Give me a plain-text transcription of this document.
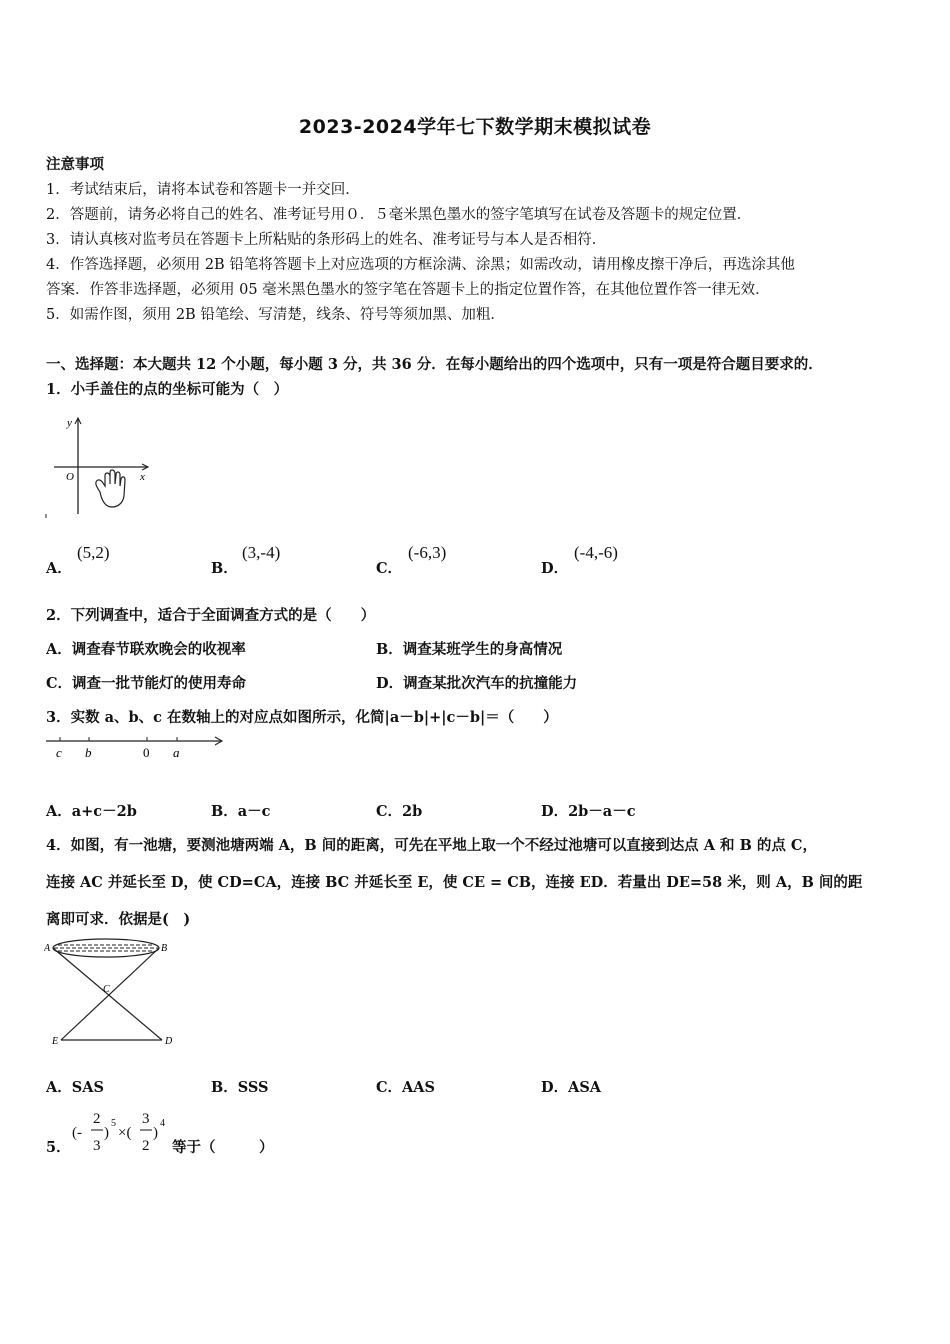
2023-2024学年七下数学期末模拟试卷
注意事项
1．考试结束后，请将本试卷和答题卡一并交回．
2．答题前，请务必将自己的姓名、准考证号用０．５毫米黑色墨水的签字笔填写在试卷及答题卡的规定位置．
3．请认真核对监考员在答题卡上所粘贴的条形码上的姓名、准考证号与本人是否相符．
4．作答选择题，必须用 2B 铅笔将答题卡上对应选项的方框涂满、涂黑；如需改动，请用橡皮擦干净后，再选涂其他
答案．作答非选择题，必须用 05 毫米黑色墨水的签字笔在答题卡上的指定位置作答，在其他位置作答一律无效．
5．如需作图，须用 2B 铅笔绘、写清楚，线条、符号等须加黑、加粗．
一、选择题：本大题共 12 个小题，每小题 3 分，共 36 分．在每小题给出的四个选项中，只有一项是符合题目要求的．
1．小手盖住的点的坐标可能为（　）
y
x
O
A．
(5,2)
B．
(3,-4)
C．
(-6,3)
D．
(-4,-6)
2．下列调查中，适合于全面调查方式的是（　　）
A．调查春节联欢晚会的收视率	B．调查某班学生的身高情况
C．调查一批节能灯的使用寿命	D．调查某批次汽车的抗撞能力
3．实数 a、b、c 在数轴上的对应点如图所示，化简|a－b|+|c－b|＝（　　）
c b	0 a
A．a+c－2b	B．a－c	C．2b	D．2b－a－c
4．如图，有一池塘，要测池塘两端 A，B 间的距离，可先在平地上取一个不经过池塘可以直接到达点 A 和 B 的点 C，
连接 AC 并延长至 D，使 CD=CA，连接 BC 并延长至 E，使 CE = CB，连接 ED．若量出 DE=58 米，则 A，B 间的距
离即可求．依据是(　)
A	B
C
E	D
A．SAS	B．SSS	C．AAS	D．ASA
5．
(-
2
3
)
5
×(
3
2
)
4
等于（　　　）
